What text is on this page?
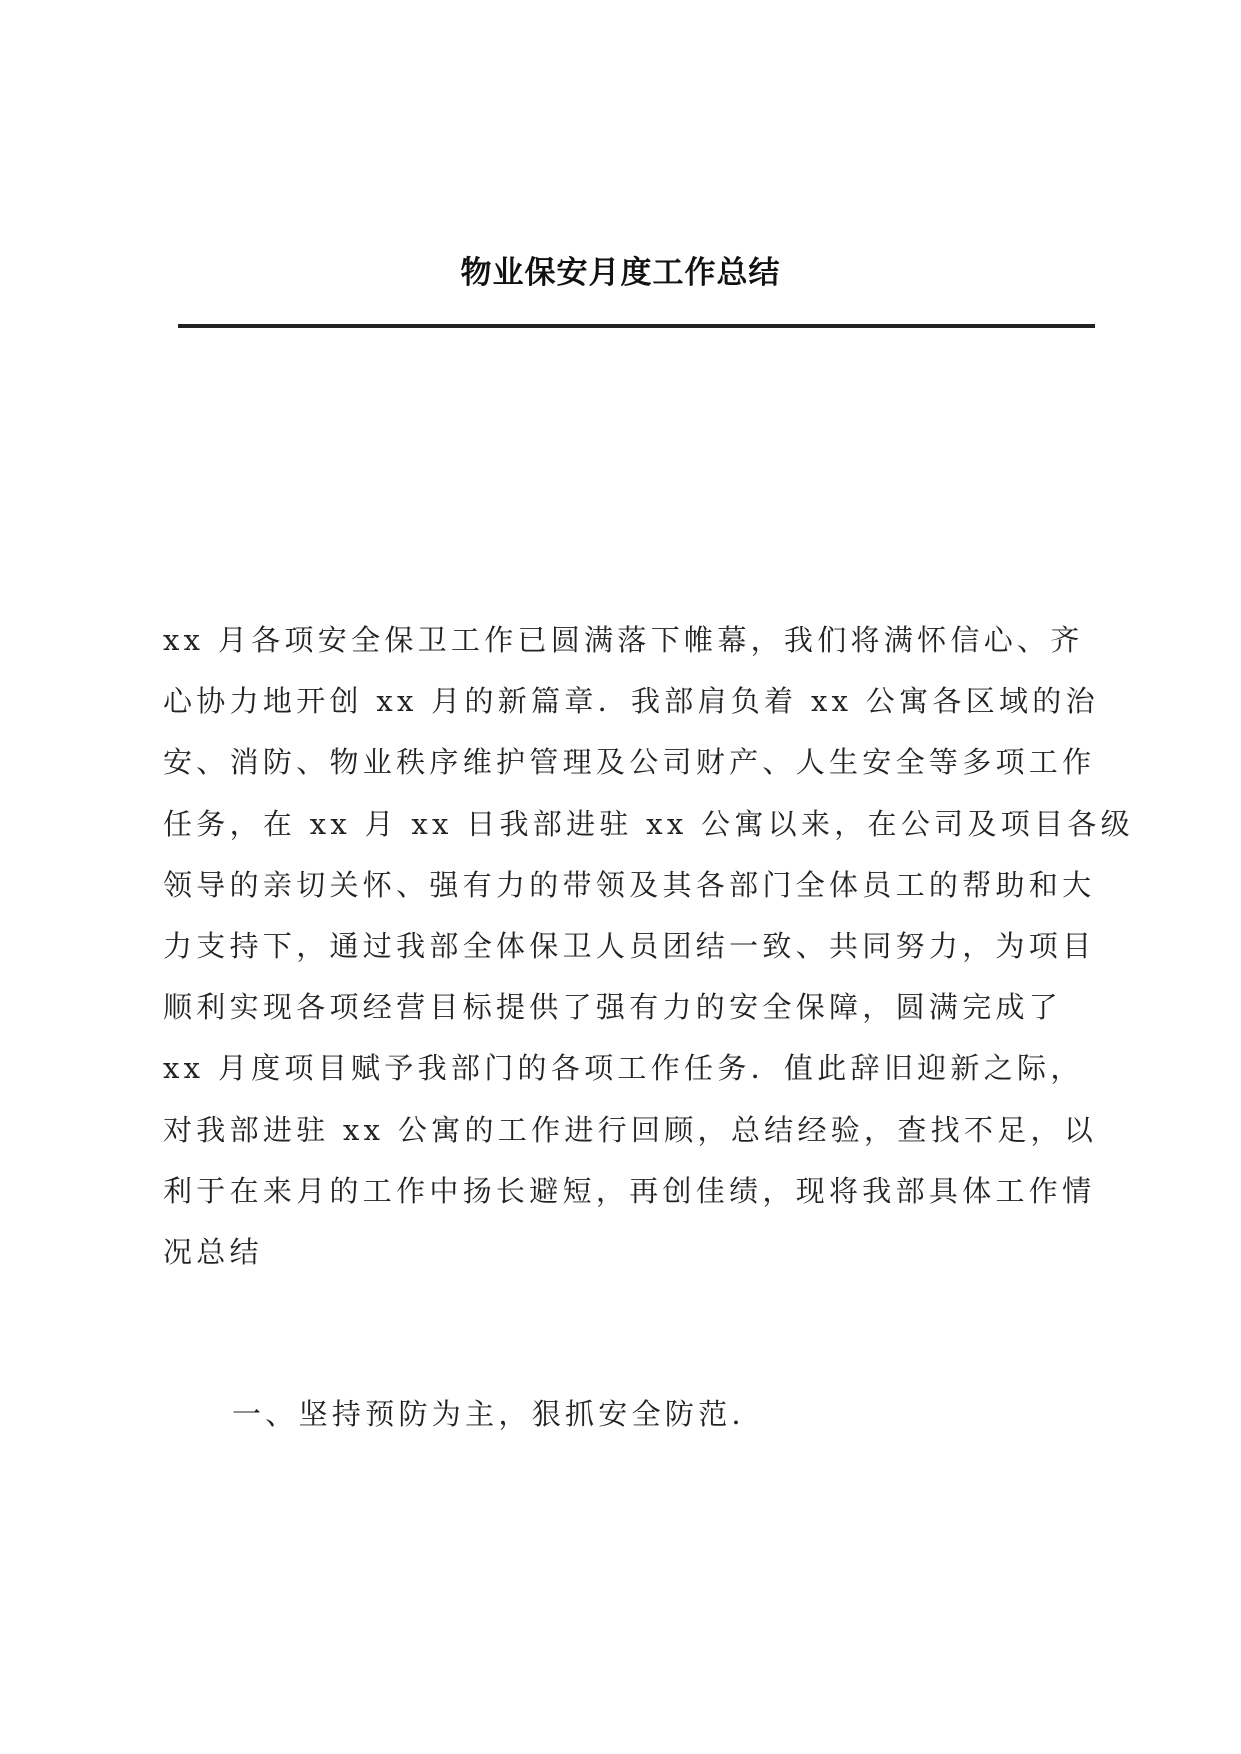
物业保安月度工作总结
xx 月各项安全保卫工作已圆满落下帷幕，我们将满怀信心、齐
心协力地开创 xx 月的新篇章．我部肩负着 xx 公寓各区域的治
安、消防、物业秩序维护管理及公司财产、人生安全等多项工作
任务，在 xx 月 xx 日我部进驻 xx 公寓以来，在公司及项目各级
领导的亲切关怀、强有力的带领及其各部门全体员工的帮助和大
力支持下，通过我部全体保卫人员团结一致、共同努力，为项目
顺利实现各项经营目标提供了强有力的安全保障，圆满完成了
xx 月度项目赋予我部门的各项工作任务．值此辞旧迎新之际，
对我部进驻 xx 公寓的工作进行回顾，总结经验，查找不足，以
利于在来月的工作中扬长避短，再创佳绩，现将我部具体工作情
况总结
一、坚持预防为主，狠抓安全防范．
